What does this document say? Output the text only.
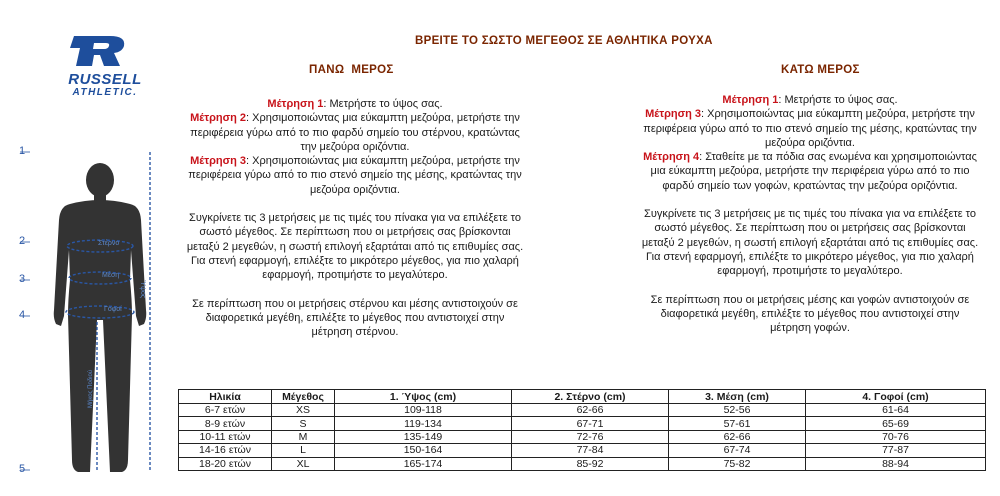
RUSSELL
ATHLETIC.
ΒΡΕΙΤΕ ΤΟ ΣΩΣΤΟ ΜΕΓΕΘΟΣ ΣΕ ΑΘΛΗΤΙΚΑ ΡΟΥΧΑ
ΠΑΝΩ  ΜΕΡΟΣ	ΚΑΤΩ ΜΕΡΟΣ
Μέτρηση 1: Μετρήστε το ύψος σας.
Μέτρηση 2: Χρησιμοποιώντας μια εύκαμπτη μεζούρα, μετρήστε την περιφέρεια γύρω από το πιο φαρδύ σημείο του στέρνου, κρατώντας την μεζούρα οριζόντια.
Μέτρηση 3: Χρησιμοποιώντας μια εύκαμπτη μεζούρα, μετρήστε την περιφέρεια γύρω από το πιο στενό σημείο της μέσης, κρατώντας την μεζούρα οριζόντια.
Συγκρίνετε τις 3 μετρήσεις με τις τιμές του πίνακα για να επιλέξετε το σωστό μέγεθος. Σε περίπτωση που οι μετρήσεις σας βρίσκονται μεταξύ 2 μεγεθών, η σωστή επιλογή εξαρτάται από τις επιθυμίες σας. Για στενή εφαρμογή, επιλέξτε το μικρότερο μέγεθος, για πιο χαλαρή εφαρμογή, προτιμήστε το μεγαλύτερο.
Σε περίπτωση που οι μετρήσεις στέρνου και μέσης αντιστοιχούν σε διαφορετικά μεγέθη, επιλέξτε το μέγεθος που αντιστοιχεί στην μέτρηση στέρνου.
Μέτρηση 1: Μετρήστε το ύψος σας.
Μέτρηση 3: Χρησιμοποιώντας μια εύκαμπτη μεζούρα, μετρήστε την περιφέρεια γύρω από το πιο στενό σημείο της μέσης, κρατώντας την μεζούρα οριζόντια.
Μέτρηση 4: Σταθείτε με τα πόδια σας ενωμένα και χρησιμοποιώντας μια εύκαμπτη μεζούρα, μετρήστε την περιφέρεια γύρω από το πιο φαρδύ σημείο των γοφών, κρατώντας την μεζούρα οριζόντια.
Συγκρίνετε τις 3 μετρήσεις με τις τιμές του πίνακα για να επιλέξετε το σωστό μέγεθος. Σε περίπτωση που οι μετρήσεις σας βρίσκονται μεταξύ 2 μεγεθών, η σωστή επιλογή εξαρτάται από τις επιθυμίες σας. Για στενή εφαρμογή, επιλέξτε το μικρότερο μέγεθος, για πιο χαλαρή εφαρμογή, προτιμήστε το μεγαλύτερο.
Σε περίπτωση που οι μετρήσεις μέσης και γοφών αντιστοιχούν σε διαφορετικά μεγέθη, επιλέξτε το μέγεθος που αντιστοιχεί στην μέτρηση γοφών.
1
2
3
4
5
Στέρνο
Μέση
Γοφοί
Ύψος
Μήκος Ποδιού	Ηλικία	Μέγεθος	1. Ύψος (cm)	2. Στέρνο (cm)	3. Μέση (cm)	4. Γοφοί (cm)
6-7 ετών	XS	109-118	62-66	52-56	61-64
8-9 ετών	S	119-134	67-71	57-61	65-69
10-11 ετών	M	135-149	72-76	62-66	70-76
14-16 ετών	L	150-164	77-84	67-74	77-87
18-20 ετών	XL	165-174	85-92	75-82	88-94
